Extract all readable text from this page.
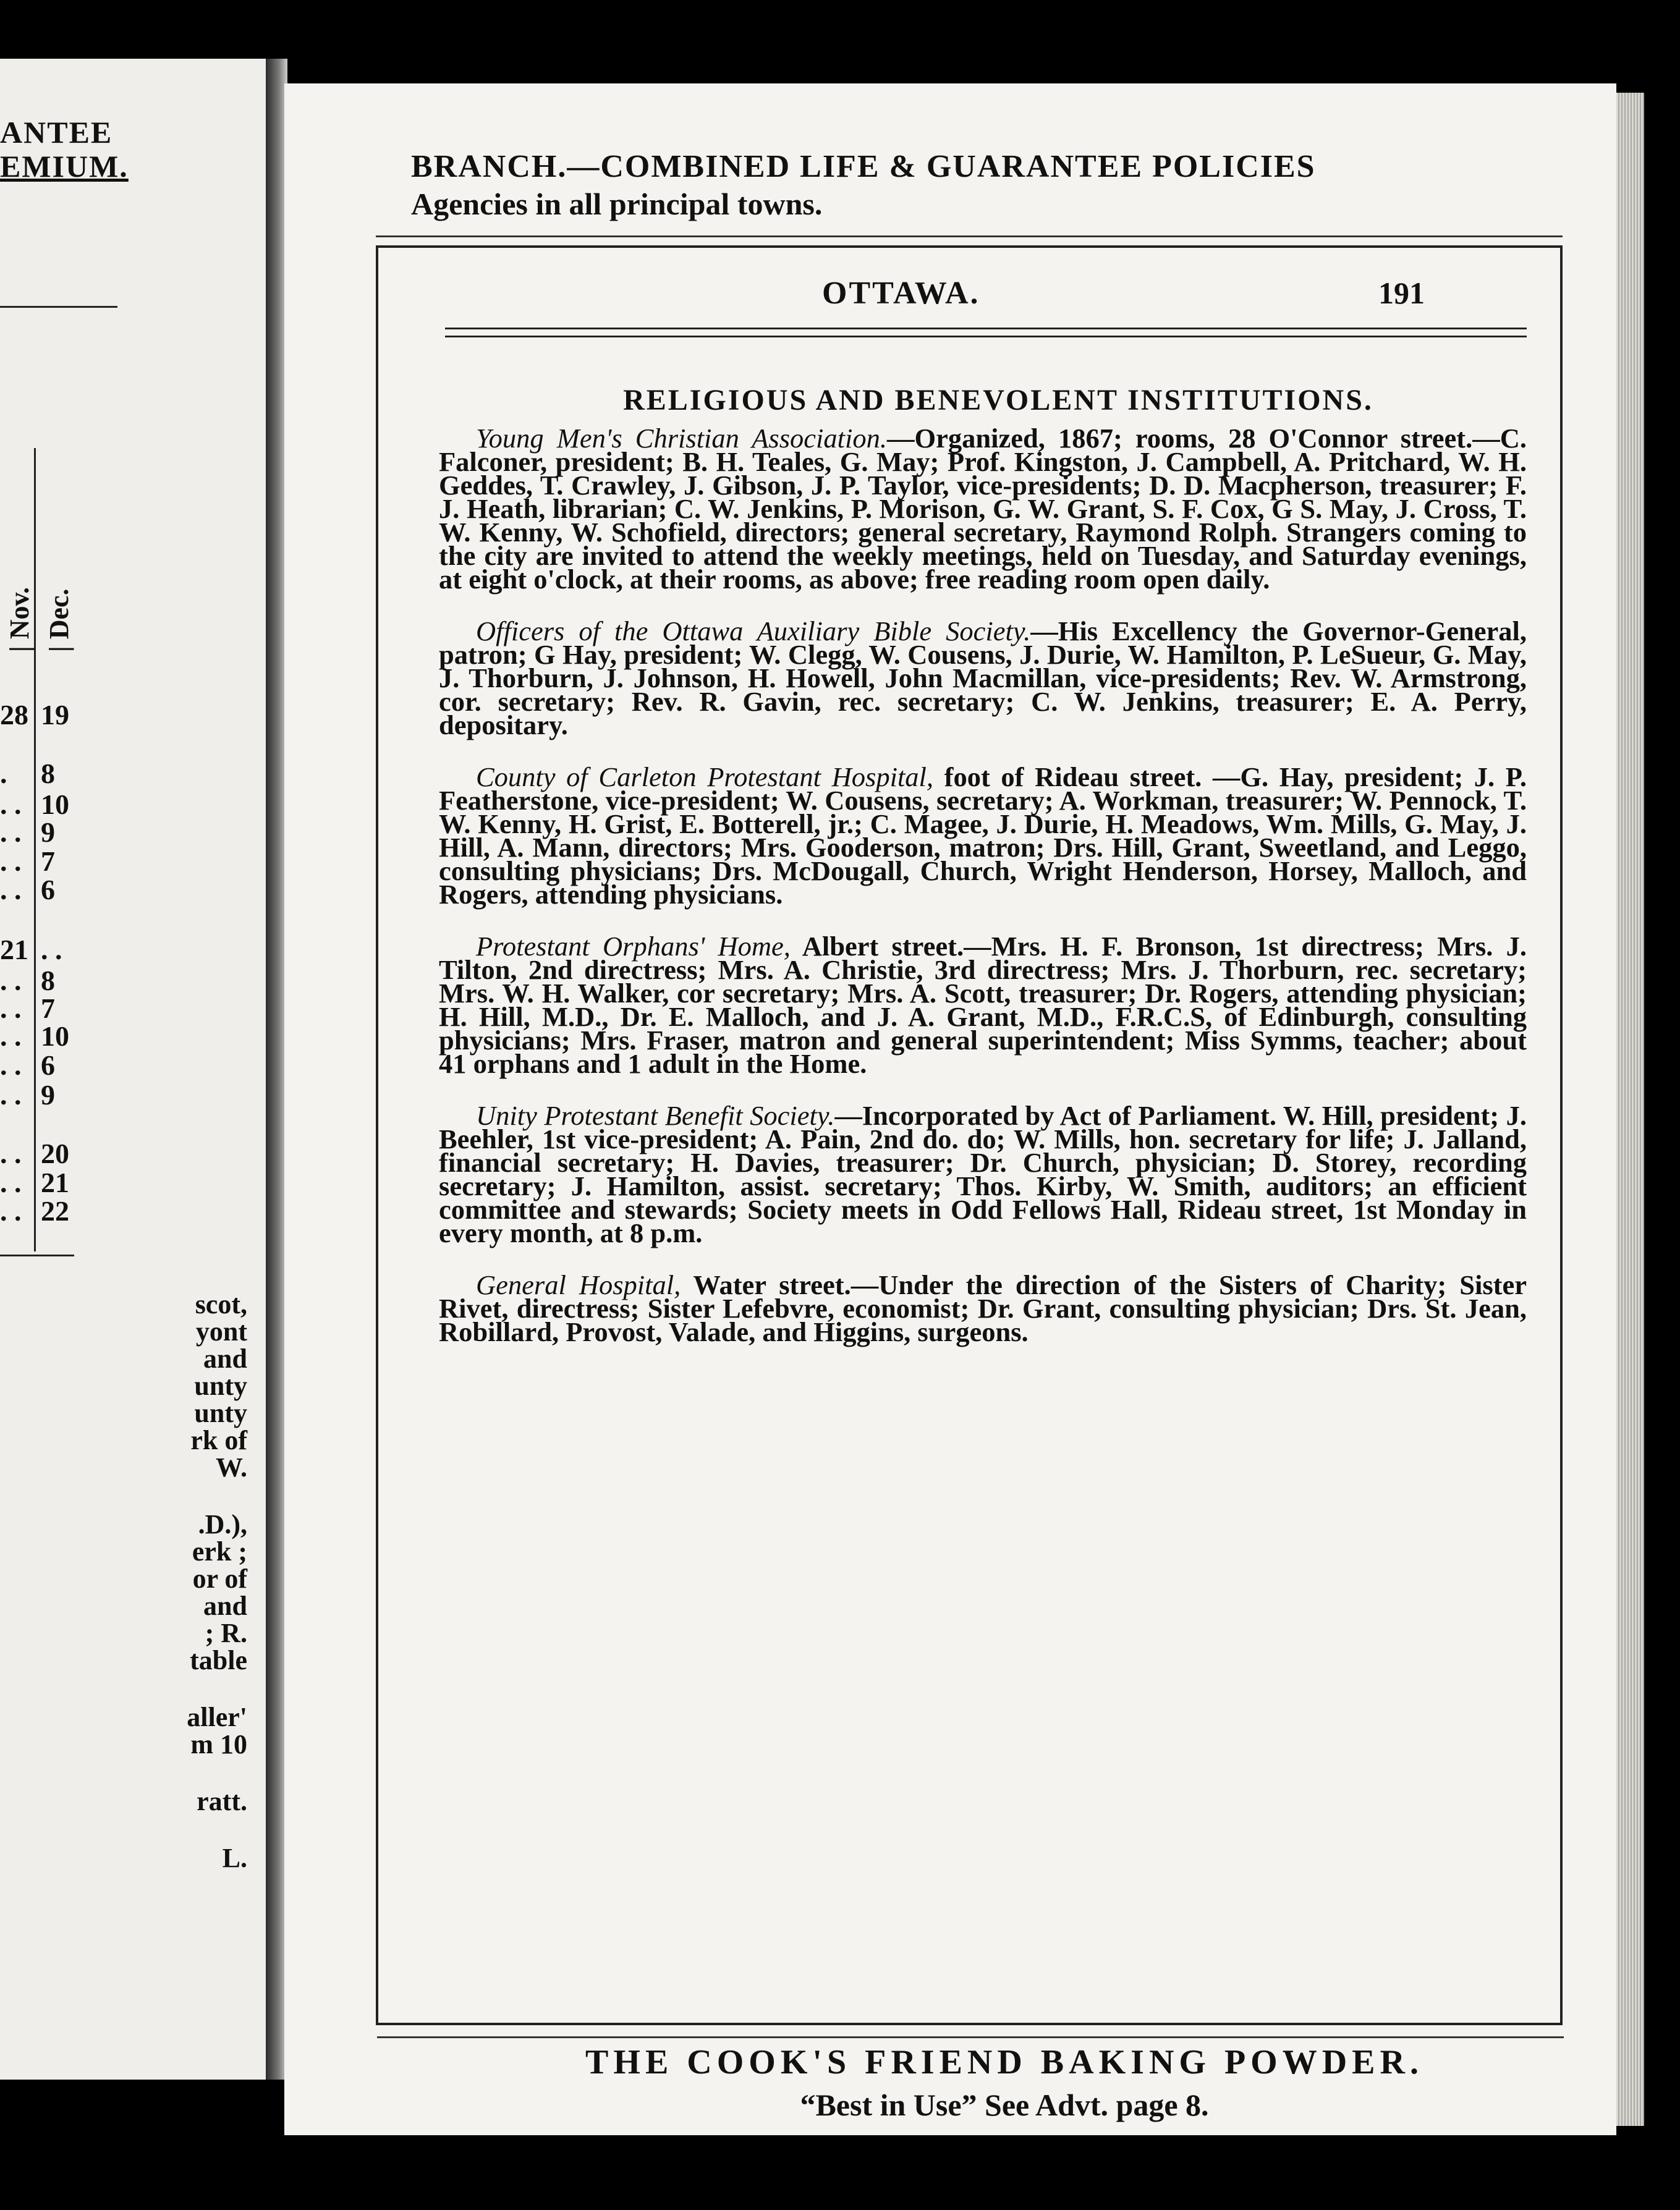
ANTEE
EMIUM.
| Nov. | Dec.
28 19
. 8
. . 10
. . 9
. . 7
. . 6
21 . .
. . 8
. . 7
. . 10
. . 6
. . 9
. . 20
. . 21
. . 22
scot,
yont
and
unty
unty
rk of
W.
.D.),
erk ;
or of
and
; R.
table
aller'
m 10
ratt.
L.
BRANCH.—COMBINED LIFE & GUARANTEE POLICIES
Agencies in all principal towns.
OTTAWA.	191
RELIGIOUS AND BENEVOLENT INSTITUTIONS.

Young Men's Christian Association.—Organized, 1867; rooms, 28 O'Connor street.—C. Falconer, president; B. H. Teales, G. May; Prof. Kingston, J. Campbell, A. Pritchard, W. H. Geddes, T. Crawley, J. Gibson, J. P. Taylor, vice-presidents; D. D. Macpherson, treasurer; F. J. Heath, librarian; C. W. Jenkins, P. Morison, G. W. Grant, S. F. Cox, G S. May, J. Cross, T. W. Kenny, W. Schofield, directors; general secretary, Raymond Rolph. Strangers coming to the city are invited to attend the weekly meetings, held on Tuesday, and Saturday evenings, at eight o'clock, at their rooms, as above; free reading room open daily.

Officers of the Ottawa Auxiliary Bible Society.—His Excellency the Governor-General, patron; G Hay, president; W. Clegg, W. Cousens, J. Durie, W. Hamilton, P. LeSueur, G. May, J. Thorburn, J. Johnson, H. Howell, John Macmillan, vice-presidents; Rev. W. Armstrong, cor. secretary; Rev. R. Gavin, rec. secretary; C. W. Jenkins, treasurer; E. A. Perry, depositary.

County of Carleton Protestant Hospital, foot of Rideau street. —G. Hay, president; J. P. Featherstone, vice-president; W. Cousens, secretary; A. Workman, treasurer; W. Pennock, T. W. Kenny, H. Grist, E. Botterell, jr.; C. Magee, J. Durie, H. Meadows, Wm. Mills, G. May, J. Hill, A. Mann, directors; Mrs. Gooderson, matron; Drs. Hill, Grant, Sweetland, and Leggo, consulting physicians; Drs. McDougall, Church, Wright Henderson, Horsey, Malloch, and Rogers, attending physicians.

Protestant Orphans' Home, Albert street.—Mrs. H. F. Bronson, 1st directress; Mrs. J. Tilton, 2nd directress; Mrs. A. Christie, 3rd directress; Mrs. J. Thorburn, rec. secretary; Mrs. W. H. Walker, cor secretary; Mrs. A. Scott, treasurer; Dr. Rogers, attending physician; H. Hill, M.D., Dr. E. Malloch, and J. A. Grant, M.D., F.R.C.S, of Edinburgh, consulting physicians; Mrs. Fraser, matron and general superintendent; Miss Symms, teacher; about 41 orphans and 1 adult in the Home.

Unity Protestant Benefit Society.—Incorporated by Act of Parliament. W. Hill, president; J. Beehler, 1st vice-president; A. Pain, 2nd do. do; W. Mills, hon. secretary for life; J. Jalland, financial secretary; H. Davies, treasurer; Dr. Church, physician; D. Storey, recording secretary; J. Hamilton, assist. secretary; Thos. Kirby, W. Smith, auditors; an efficient committee and stewards; Society meets in Odd Fellows Hall, Rideau street, 1st Monday in every month, at 8 p.m.

General Hospital, Water street.—Under the direction of the Sisters of Charity; Sister Rivet, directress; Sister Lefebvre, economist; Dr. Grant, consulting physician; Drs. St. Jean, Robillard, Provost, Valade, and Higgins, surgeons.

THE COOK'S FRIEND BAKING POWDER.
“Best in Use” See Advt. page 8.
